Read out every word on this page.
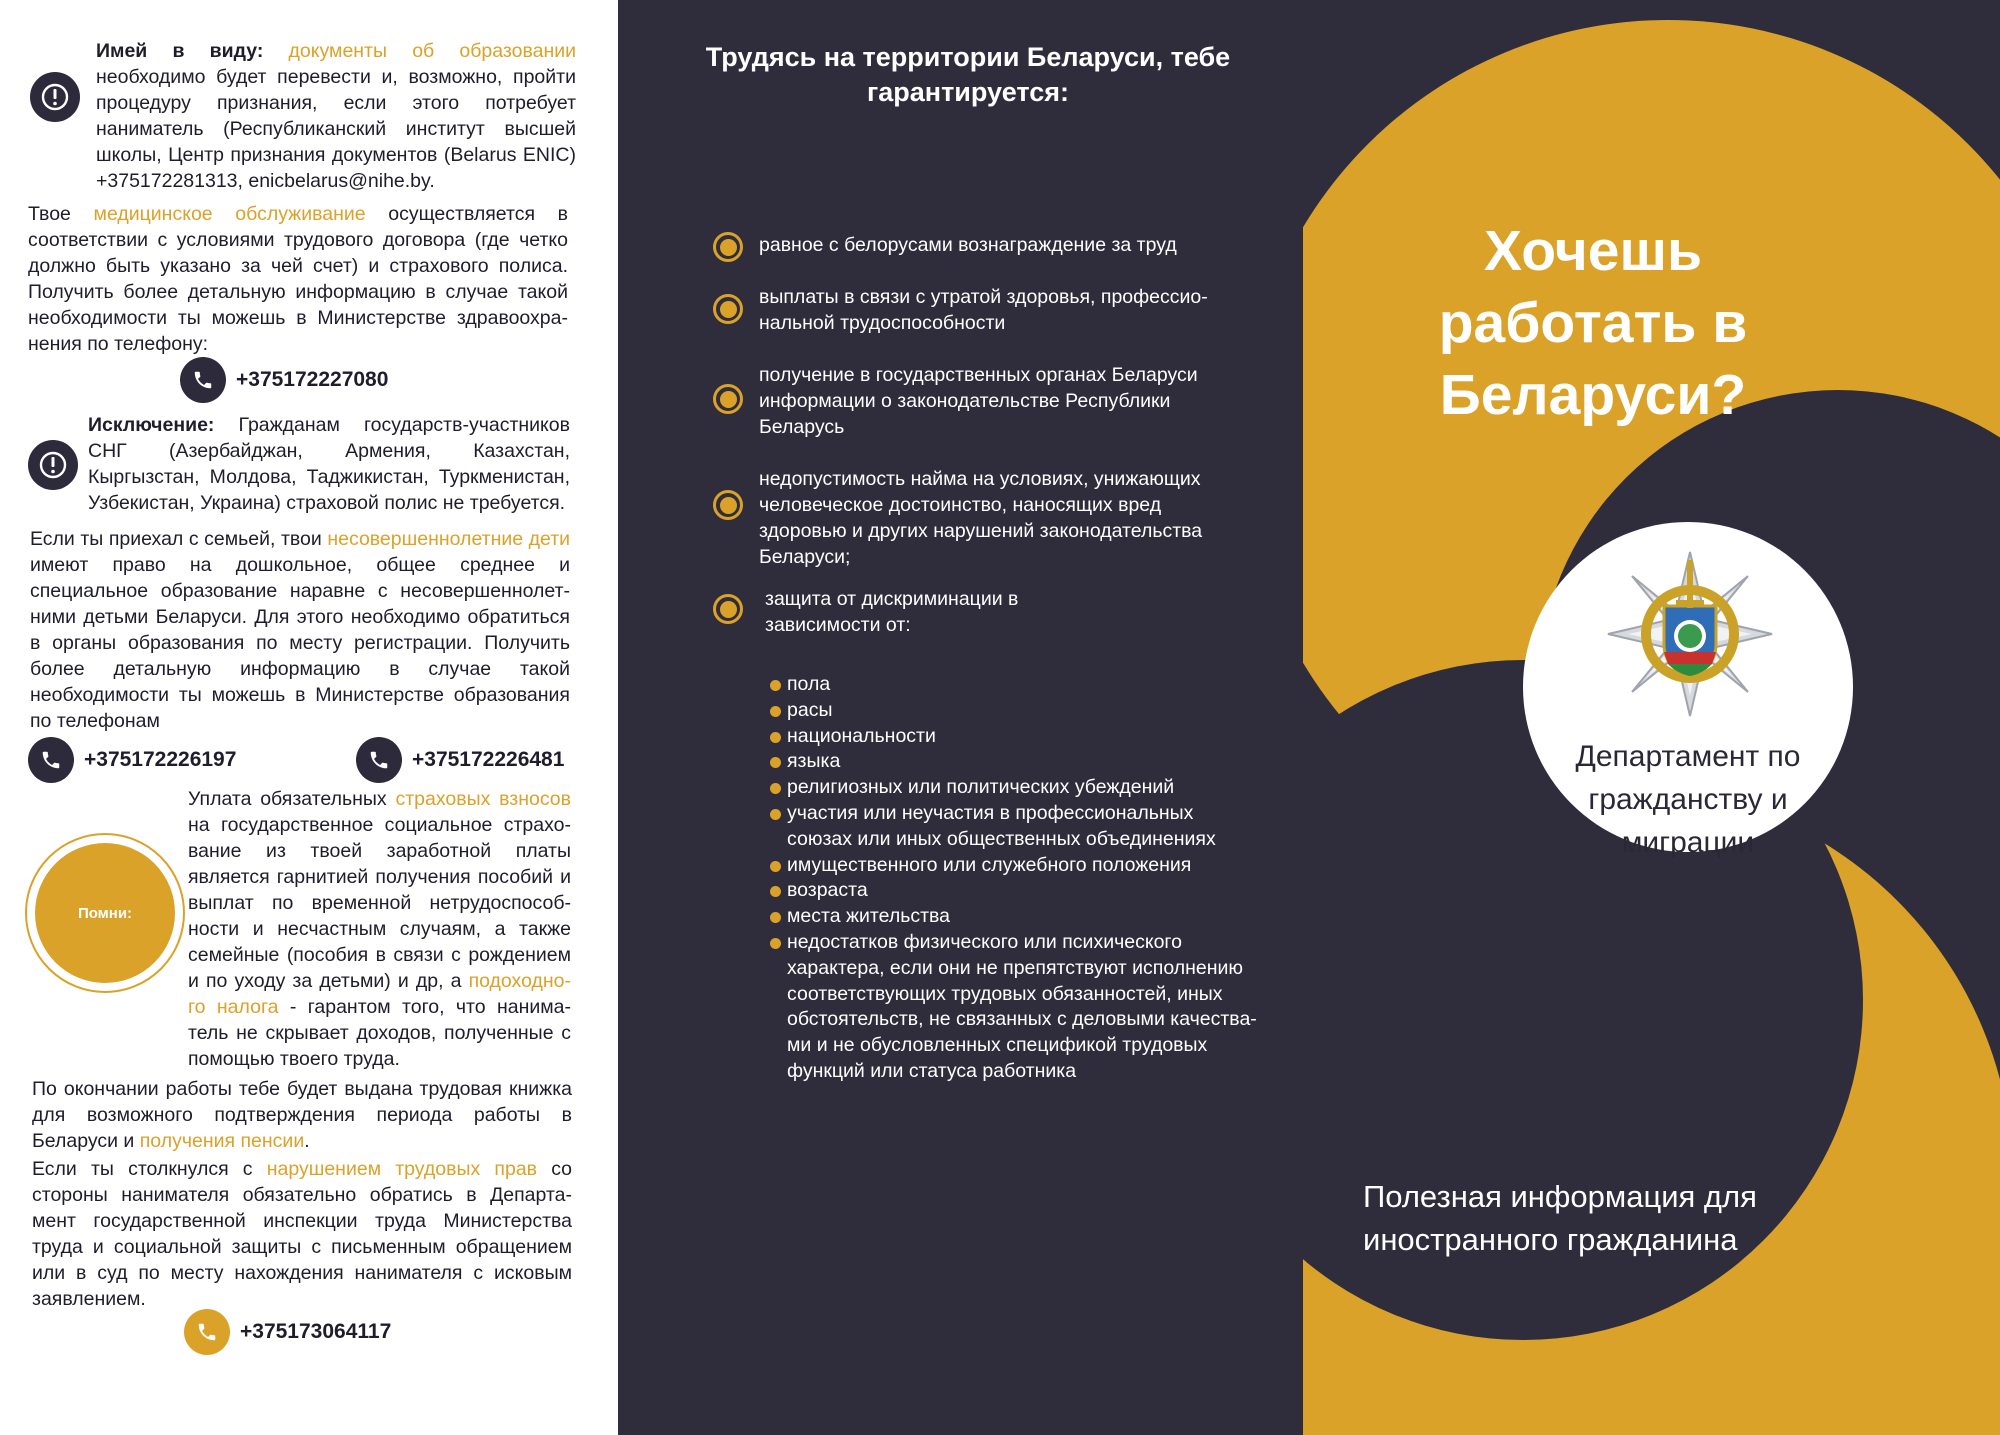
Имей в виду: документы об образовании необходимо будет перевести и, возможно, пройти процедуру признания, если этого потребует наниматель (Республиканский институт высшей школы, Центр признания документов (Belarus ENIC) +375172281313, enicbelarus@nihe.by.
Твое медицинское обслуживание осуществляется в соответствии с условиями трудового договора (где четко должно быть указано за чей счет) и страхового полиса. Получить более детальную информацию в случае такой необходимости ты можешь в Министерстве здравоохра-нения по телефону:
+375172227080
Исключение: Гражданам государств-участников СНГ (Азербайджан, Армения, Казахстан, Кыргызстан, Молдова, Таджикистан, Туркменистан, Узбекистан, Украина) страховой полис не требуется.
Если ты приехал с семьей, твои несовершеннолетние дети имеют право на дошкольное, общее среднее и специальное образование наравне с несовершеннолет-ними детьми Беларуси. Для этого необходимо обратиться в органы образования по месту регистрации. Получить более детальную информацию в случае такой необходимости ты можешь в Министерстве образования по телефонам
+375172226197	+375172226481
Помни:
Уплата обязательных страховых взносов на государственное социальное страхо-вание из твоей заработной платы является гарнитией получения пособий и выплат по временной нетрудоспособ-ности и несчастным случаям, а также семейные (пособия в связи с рождением и по уходу за детьми) и др, а подоходно-го налога - гарантом того, что нанима-тель не скрывает доходов, полученные с помощью твоего труда.
По окончании работы тебе будет выдана трудовая книжка для возможного подтверждения периода работы в Беларуси и получения пенсии.
Если ты столкнулся с нарушением трудовых прав со стороны нанимателя обязательно обратись в Департа-мент государственной инспекции труда Министерства труда и социальной защиты с письменным обращением или в суд по месту нахождения нанимателя с исковым заявлением.
+375173064117
Трудясь на территории Беларуси, тебе гарантируется:
равное с белорусами вознаграждение за труд
выплаты в связи с утратой здоровья, профессио-нальной трудоспособности
получение в государственных органах Беларуси информации о законодательстве Республики Беларусь
недопустимость найма на условиях, унижающих человеческое достоинство, наносящих вред здоровью и других нарушений законодательства Беларуси;
защита от дискриминации в зависимости от:
пола
расы
национальности
языка
религиозных или политических убеждений
участия или неучастия в профессиональных союзах или иных общественных объединениях
имущественного или служебного положения
возраста
места жительства
недостатков физического или психического характера, если они не препятствуют исполнению соответствующих трудовых обязанностей, иных обстоятельств, не связанных с деловыми качества-ми и не обусловленных спецификой трудовых функций или статуса работника
Хочешь работать в Беларуси?
Департамент по гражданству и миграции
Полезная информация для иностранного гражданина
